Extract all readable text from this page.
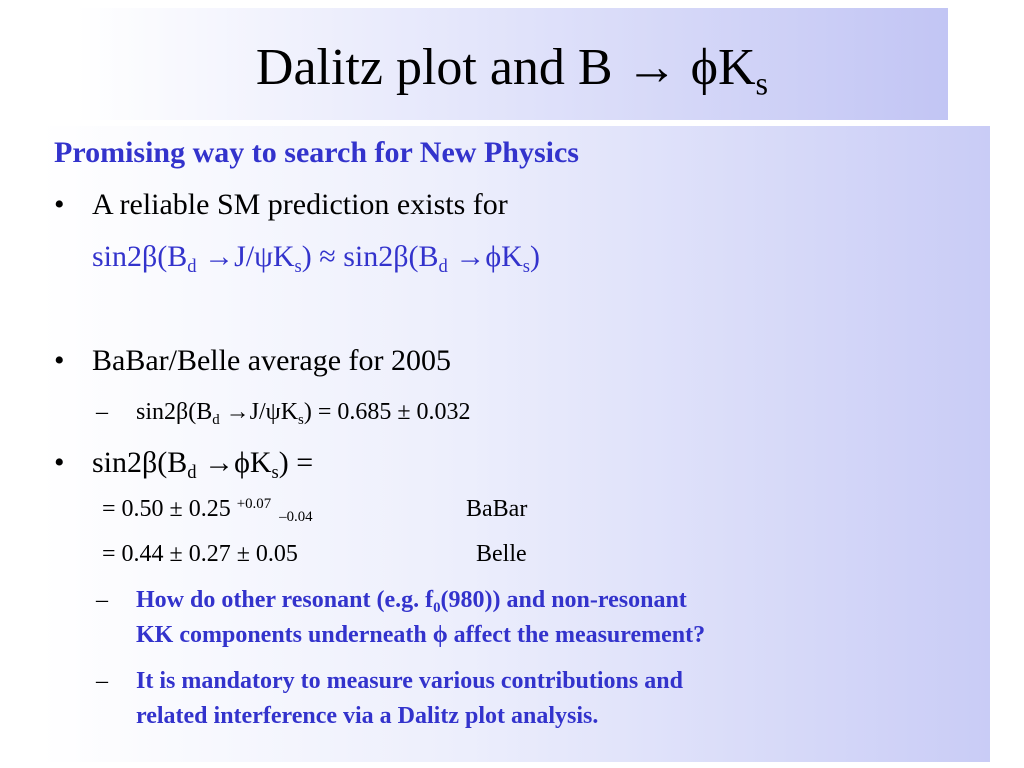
Dalitz plot and $B \to \phi K_s$
Promising way to search for New Physics
• A reliable SM prediction exists for
$\sin 2\beta(B_d \to J/\psi K_s) \approx \sin 2\beta(B_d \to\phi K_s)$
• BaBar/Belle average for 2005
– $\sin 2\beta(B_d \to J/\psi K_s) = 0.685 \pm 0.032$
• $\sin 2\beta(B_d \to\phi K_s)$ =
= 0.50 ± 0.25 $^{+0.07}_{-0.04}$	BaBar
= 0.44 ± 0.27 ± 0.05	Belle
– How do other resonant (e.g. $f_0(980)$) and non-resonant
KK components underneath ϕ affect the measurement?
– It is mandatory to measure various contributions and
related interference via a Dalitz plot analysis.
